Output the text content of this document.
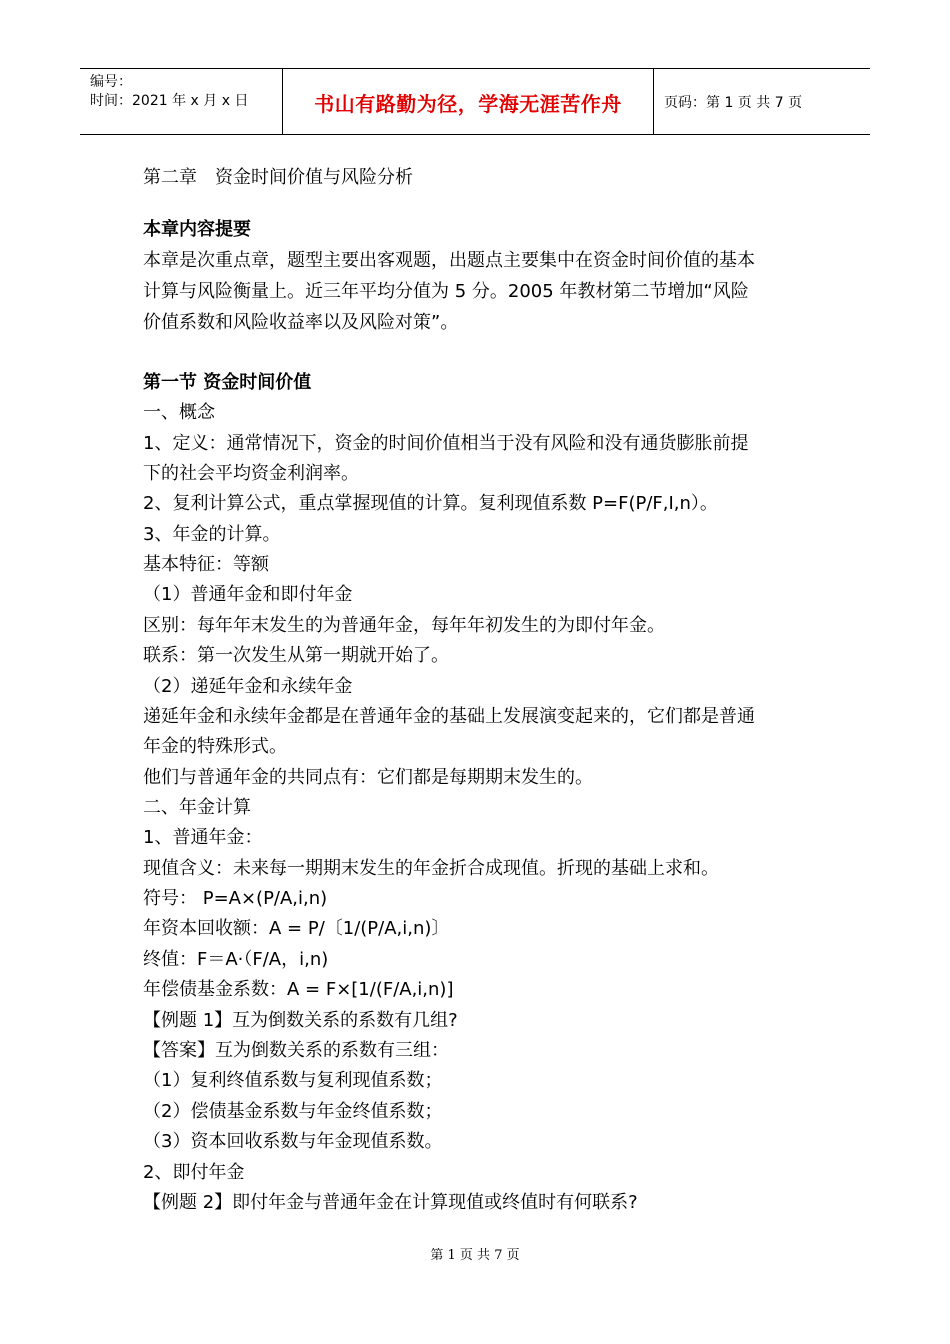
编号：
时间：2021 年 x 月 x 日	书山有路勤为径，学海无涯苦作舟	页码：第 1 页 共 7 页
第二章　资金时间价值与风险分析
本章内容提要
本章是次重点章，题型主要出客观题，出题点主要集中在资金时间价值的基本
计算与风险衡量上。近三年平均分值为 5 分。2005 年教材第二节增加“风险
价值系数和风险收益率以及风险对策”。
第一节 资金时间价值
一、概念
1、定义：通常情况下，资金的时间价值相当于没有风险和没有通货膨胀前提
下的社会平均资金利润率。
2、复利计算公式，重点掌握现值的计算。复利现值系数 P=F(P/F,I,n）。
3、年金的计算。
基本特征：等额
（1）普通年金和即付年金
区别：每年年末发生的为普通年金，每年年初发生的为即付年金。
联系：第一次发生从第一期就开始了。
（2）递延年金和永续年金
递延年金和永续年金都是在普通年金的基础上发展演变起来的，它们都是普通
年金的特殊形式。
他们与普通年金的共同点有：它们都是每期期末发生的。
二、年金计算
1、普通年金：
现值含义：未来每一期期末发生的年金折合成现值。折现的基础上求和。
符号： P=A×(P/A,i,n)
年资本回收额：A = P/〔1/(P/A,i,n)〕
终值：F＝A·（F/A，i,n)
年偿债基金系数：A = F×[1/(F/A,i,n)]
【例题 1】互为倒数关系的系数有几组?
【答案】互为倒数关系的系数有三组：
（1）复利终值系数与复利现值系数；
（2）偿债基金系数与年金终值系数；
（3）资本回收系数与年金现值系数。
2、即付年金
【例题 2】即付年金与普通年金在计算现值或终值时有何联系?
第 1 页 共 7 页
